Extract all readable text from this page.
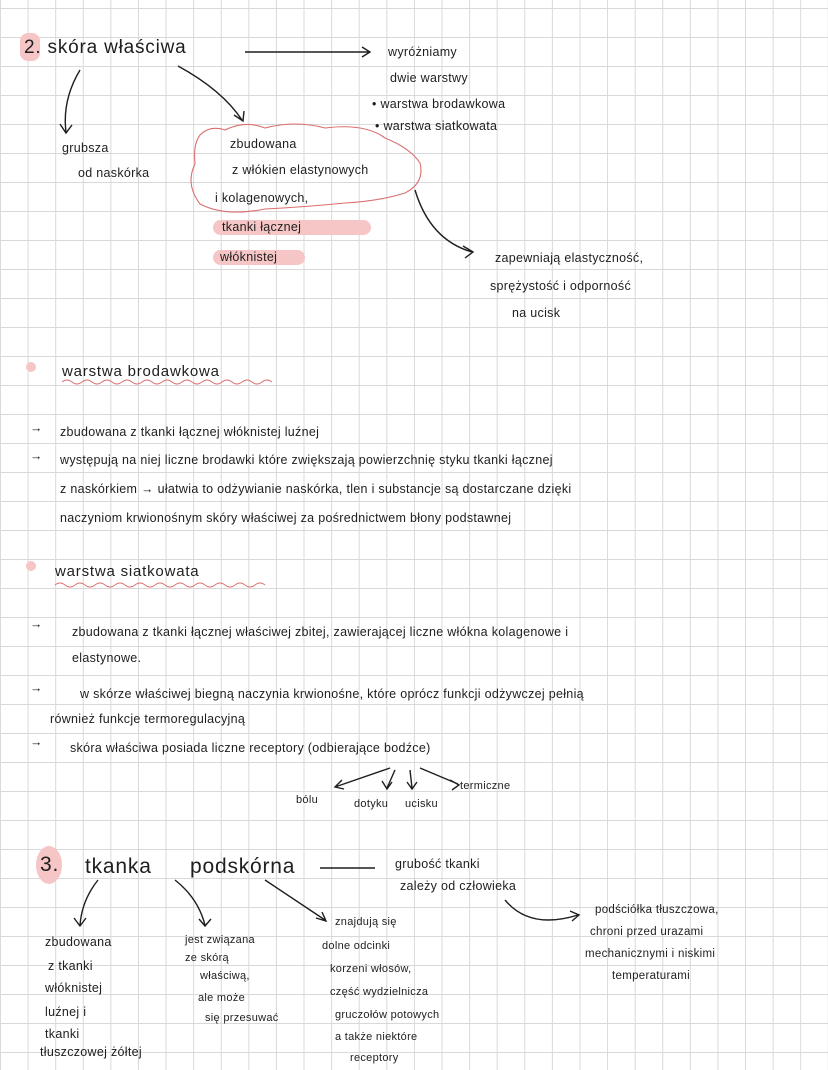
2. skóra właściwa	wyróżniamy
dwie warstwy
• warstwa brodawkowa
• warstwa siatkowata
grubsza
od naskórka
zbudowana
z włókien elastynowych
i kolagenowych,
tkanki łącznej
włóknistej	zapewniają elastyczność,
sprężystość i odporność
na ucisk
warstwa brodawkowa
→ zbudowana z tkanki łącznej włóknistej luźnej
→ występują na niej liczne brodawki które zwiększają powierzchnię styku tkanki łącznej
z naskórkiem → ułatwia to odżywianie naskórka, tlen i substancje są dostarczane dzięki
naczyniom krwionośnym skóry właściwej za pośrednictwem błony podstawnej
warstwa siatkowata
→
zbudowana z tkanki łącznej właściwej zbitej, zawierającej liczne włókna kolagenowe i
elastynowe.
→	w skórze właściwej biegną naczynia krwionośne, które oprócz funkcji odżywczej pełnią
również funkcje termoregulacyjną
→ skóra właściwa posiada liczne receptory (odbierające bodźce)
bólu	dotyku ucisku
termiczne
3. tkanka podskórna	grubość tkanki
zależy od człowieka
podściółka tłuszczowa,
chroni przed urazami
mechanicznymi i niskimi
temperaturami
zbudowana
z tkanki
włóknistej
luźnej i
tkanki
tłuszczowej żółtej
jest związana
ze skórą
właściwą,
ale może
się przesuwać
znajdują się
dolne odcinki
korzeni włosów,
część wydzielnicza
gruczołów potowych
a także niektóre
receptory
